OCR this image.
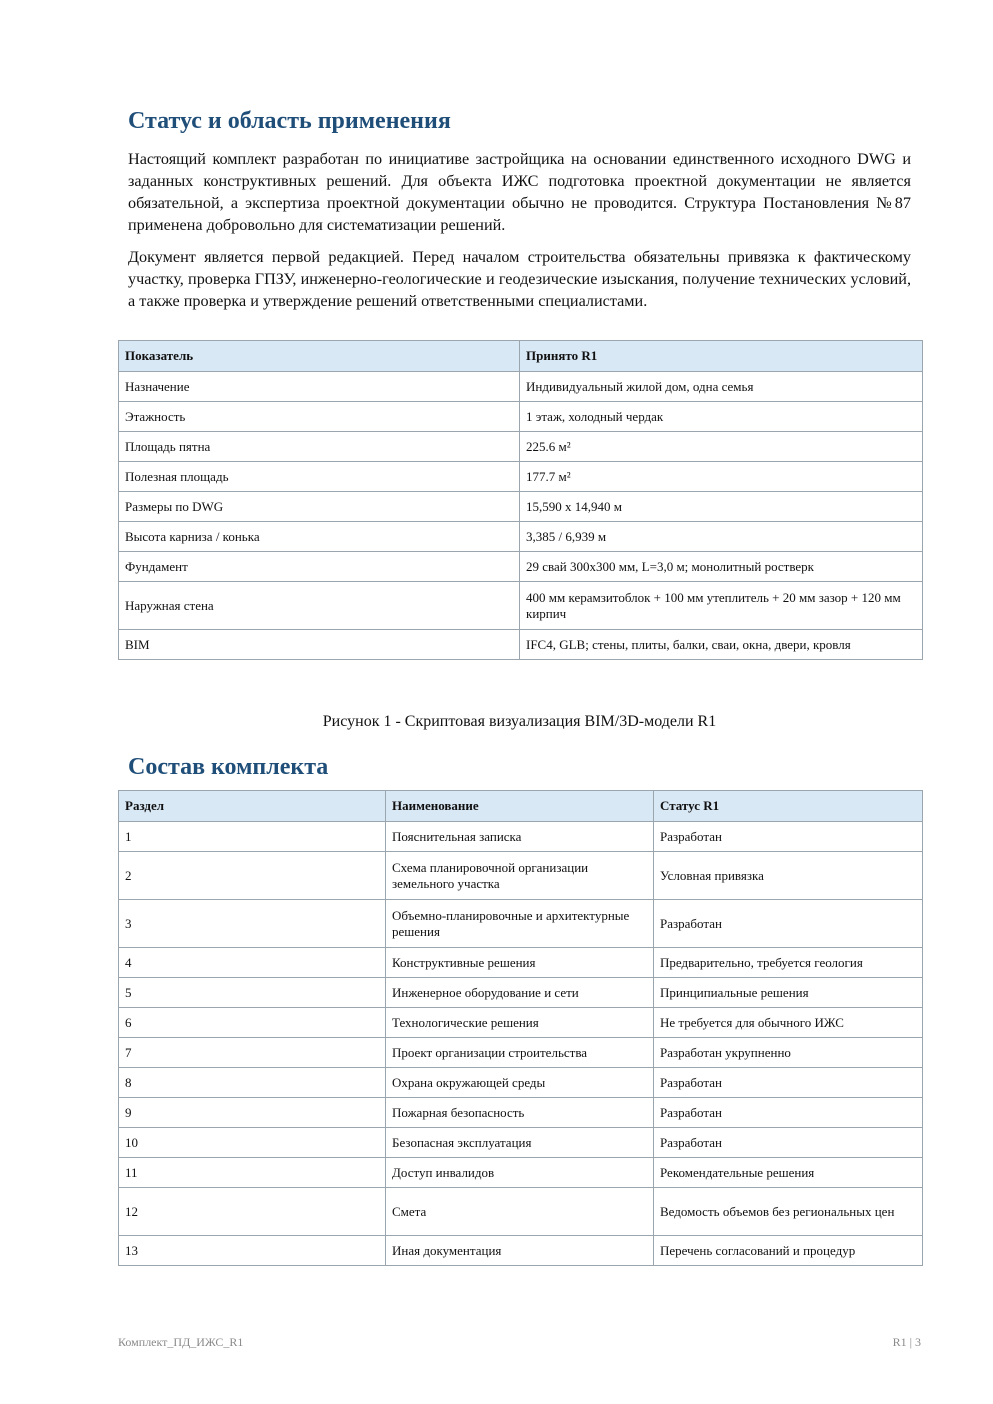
Статус и область применения

Настоящий комплект разработан по инициативе застройщика на основании единственного исходного DWG и заданных конструктивных решений. Для объекта ИЖС подготовка проектной документации не является обязательной, а экспертиза проектной документации обычно не проводится. Структура Постановления №87 применена добровольно для систематизации решений.

Документ является первой редакцией. Перед началом строительства обязательны привязка к фактическому участку, проверка ГПЗУ, инженерно-геологические и геодезические изыскания, получение технических условий, а также проверка и утверждение решений ответственными специалистами.

Показатель	Принято R1
Назначение	Индивидуальный жилой дом, одна семья
Этажность	1 этаж, холодный чердак
Площадь пятна	225.6 м²
Полезная площадь	177.7 м²
Размеры по DWG	15,590 x 14,940 м
Высота карниза / конька	3,385 / 6,939 м
Фундамент	29 свай 300x300 мм, L=3,0 м; монолитный ростверк
Наружная стена	400 мм керамзитоблок + 100 мм утеплитель + 20 мм зазор + 120 мм кирпич
BIM	IFC4, GLB; стены, плиты, балки, сваи, окна, двери, кровля
Рисунок 1 - Скриптовая визуализация BIM/3D-модели R1
Состав комплекта
Раздел	Наименование	Статус R1
1	Пояснительная записка	Разработан
2	Схема планировочной организации земельного участка	Условная привязка
3	Объемно-планировочные и архитектурные решения	Разработан
4	Конструктивные решения	Предварительно, требуется геология
5	Инженерное оборудование и сети	Принципиальные решения
6	Технологические решения	Не требуется для обычного ИЖС
7	Проект организации строительства	Разработан укрупненно
8	Охрана окружающей среды	Разработан
9	Пожарная безопасность	Разработан
10	Безопасная эксплуатация	Разработан
11	Доступ инвалидов	Рекомендательные решения
12	Смета	Ведомость объемов без региональных цен
13	Иная документация	Перечень согласований и процедур
Комплект_ПД_ИЖС_R1	R1 | 3
